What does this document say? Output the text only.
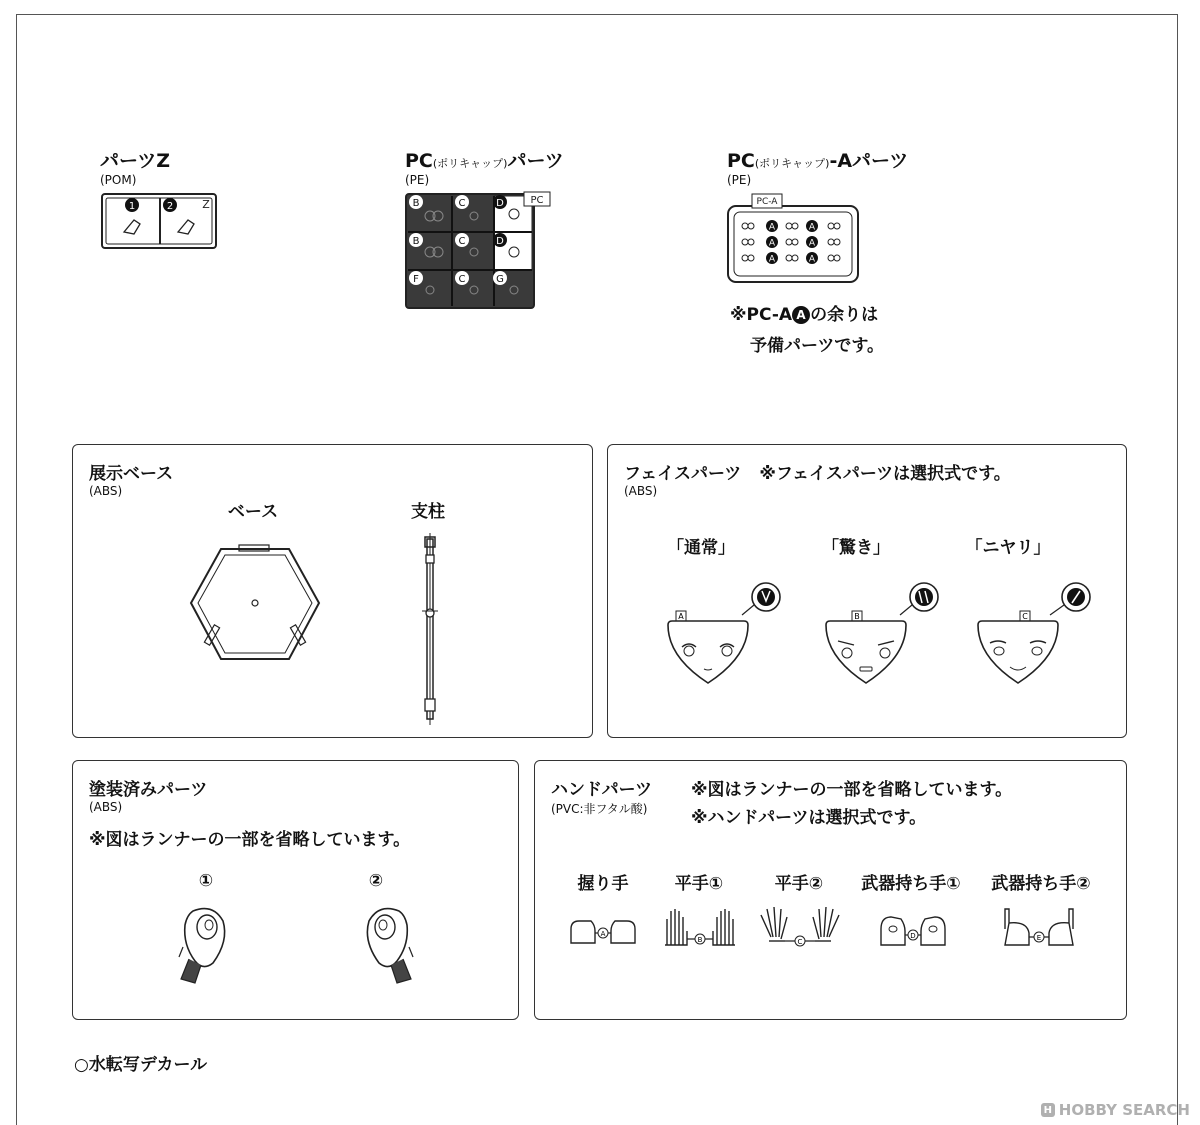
パーツZ
(POM)
1	2	Z
PC(ポリキャップ)パーツ
(PE)
PC
B	C	D
B	C	D
F	C	G
PC(ポリキャップ)-Aパーツ
(PE)
PC-A
A	A
A	A
A	A
※PC-A A の余りは
予備パーツです。
展示ベース
(ABS)
ベース	支柱
フェイスパーツ ※フェイスパーツは選択式です。
(ABS)
「通常」	「驚き」	「ニヤリ」
A	B	C
塗装済みパーツ
(ABS)
※図はランナーの一部を省略しています。
①	②
ハンドパーツ
(PVC:非フタル酸)
※図はランナーの一部を省略しています。
※ハンドパーツは選択式です。
握り手	平手①	平手②	武器持ち手①	武器持ち手②
A
B	C
D	E
○水転写デカール
H HOBBY SEARCH
